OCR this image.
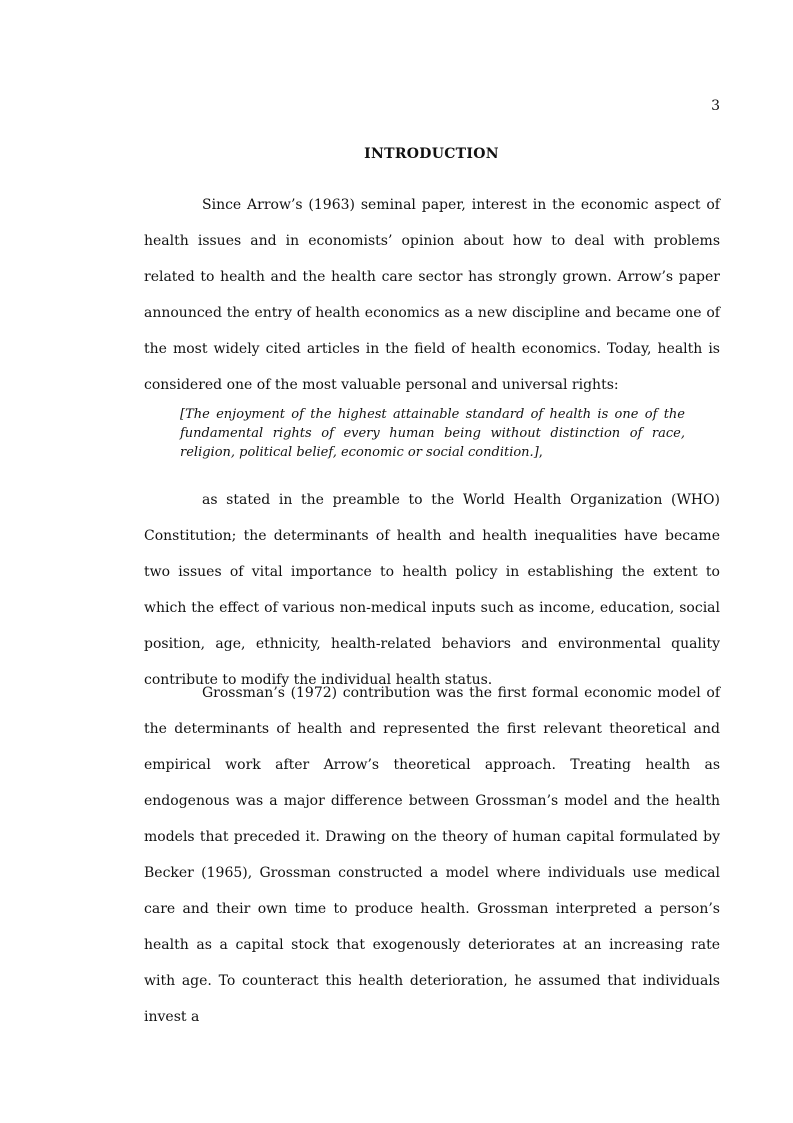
3

INTRODUCTION

Since Arrow’s (1963) seminal paper, interest in the economic aspect of health issues and in economists’ opinion about how to deal with problems related to health and the health care sector has strongly grown. Arrow’s paper announced the entry of health economics as a new discipline and became one of the most widely cited articles in the field of health economics. Today, health is considered one of the most valuable personal and universal rights:

[The enjoyment of the highest attainable standard of health is one of the fundamental rights of every human being without distinction of race, religion, political belief, economic or social condition.],

as stated in the preamble to the World Health Organization (WHO) Constitution; the determinants of health and health inequalities have became two issues of vital importance to health policy in establishing the extent to which the effect of various non-medical inputs such as income, education, social position, age, ethnicity, health-related behaviors and environmental quality contribute to modify the individual health status.

Grossman’s (1972) contribution was the first formal economic model of the determinants of health and represented the first relevant theoretical and empirical work after Arrow’s theoretical approach. Treating health as endogenous was a major difference between Grossman’s model and the health models that preceded it. Drawing on the theory of human capital formulated by Becker (1965), Grossman constructed a model where individuals use medical care and their own time to produce health. Grossman interpreted a person’s health as a capital stock that exogenously deteriorates at an increasing rate with age. To counteract this health deterioration, he assumed that individuals invest a
